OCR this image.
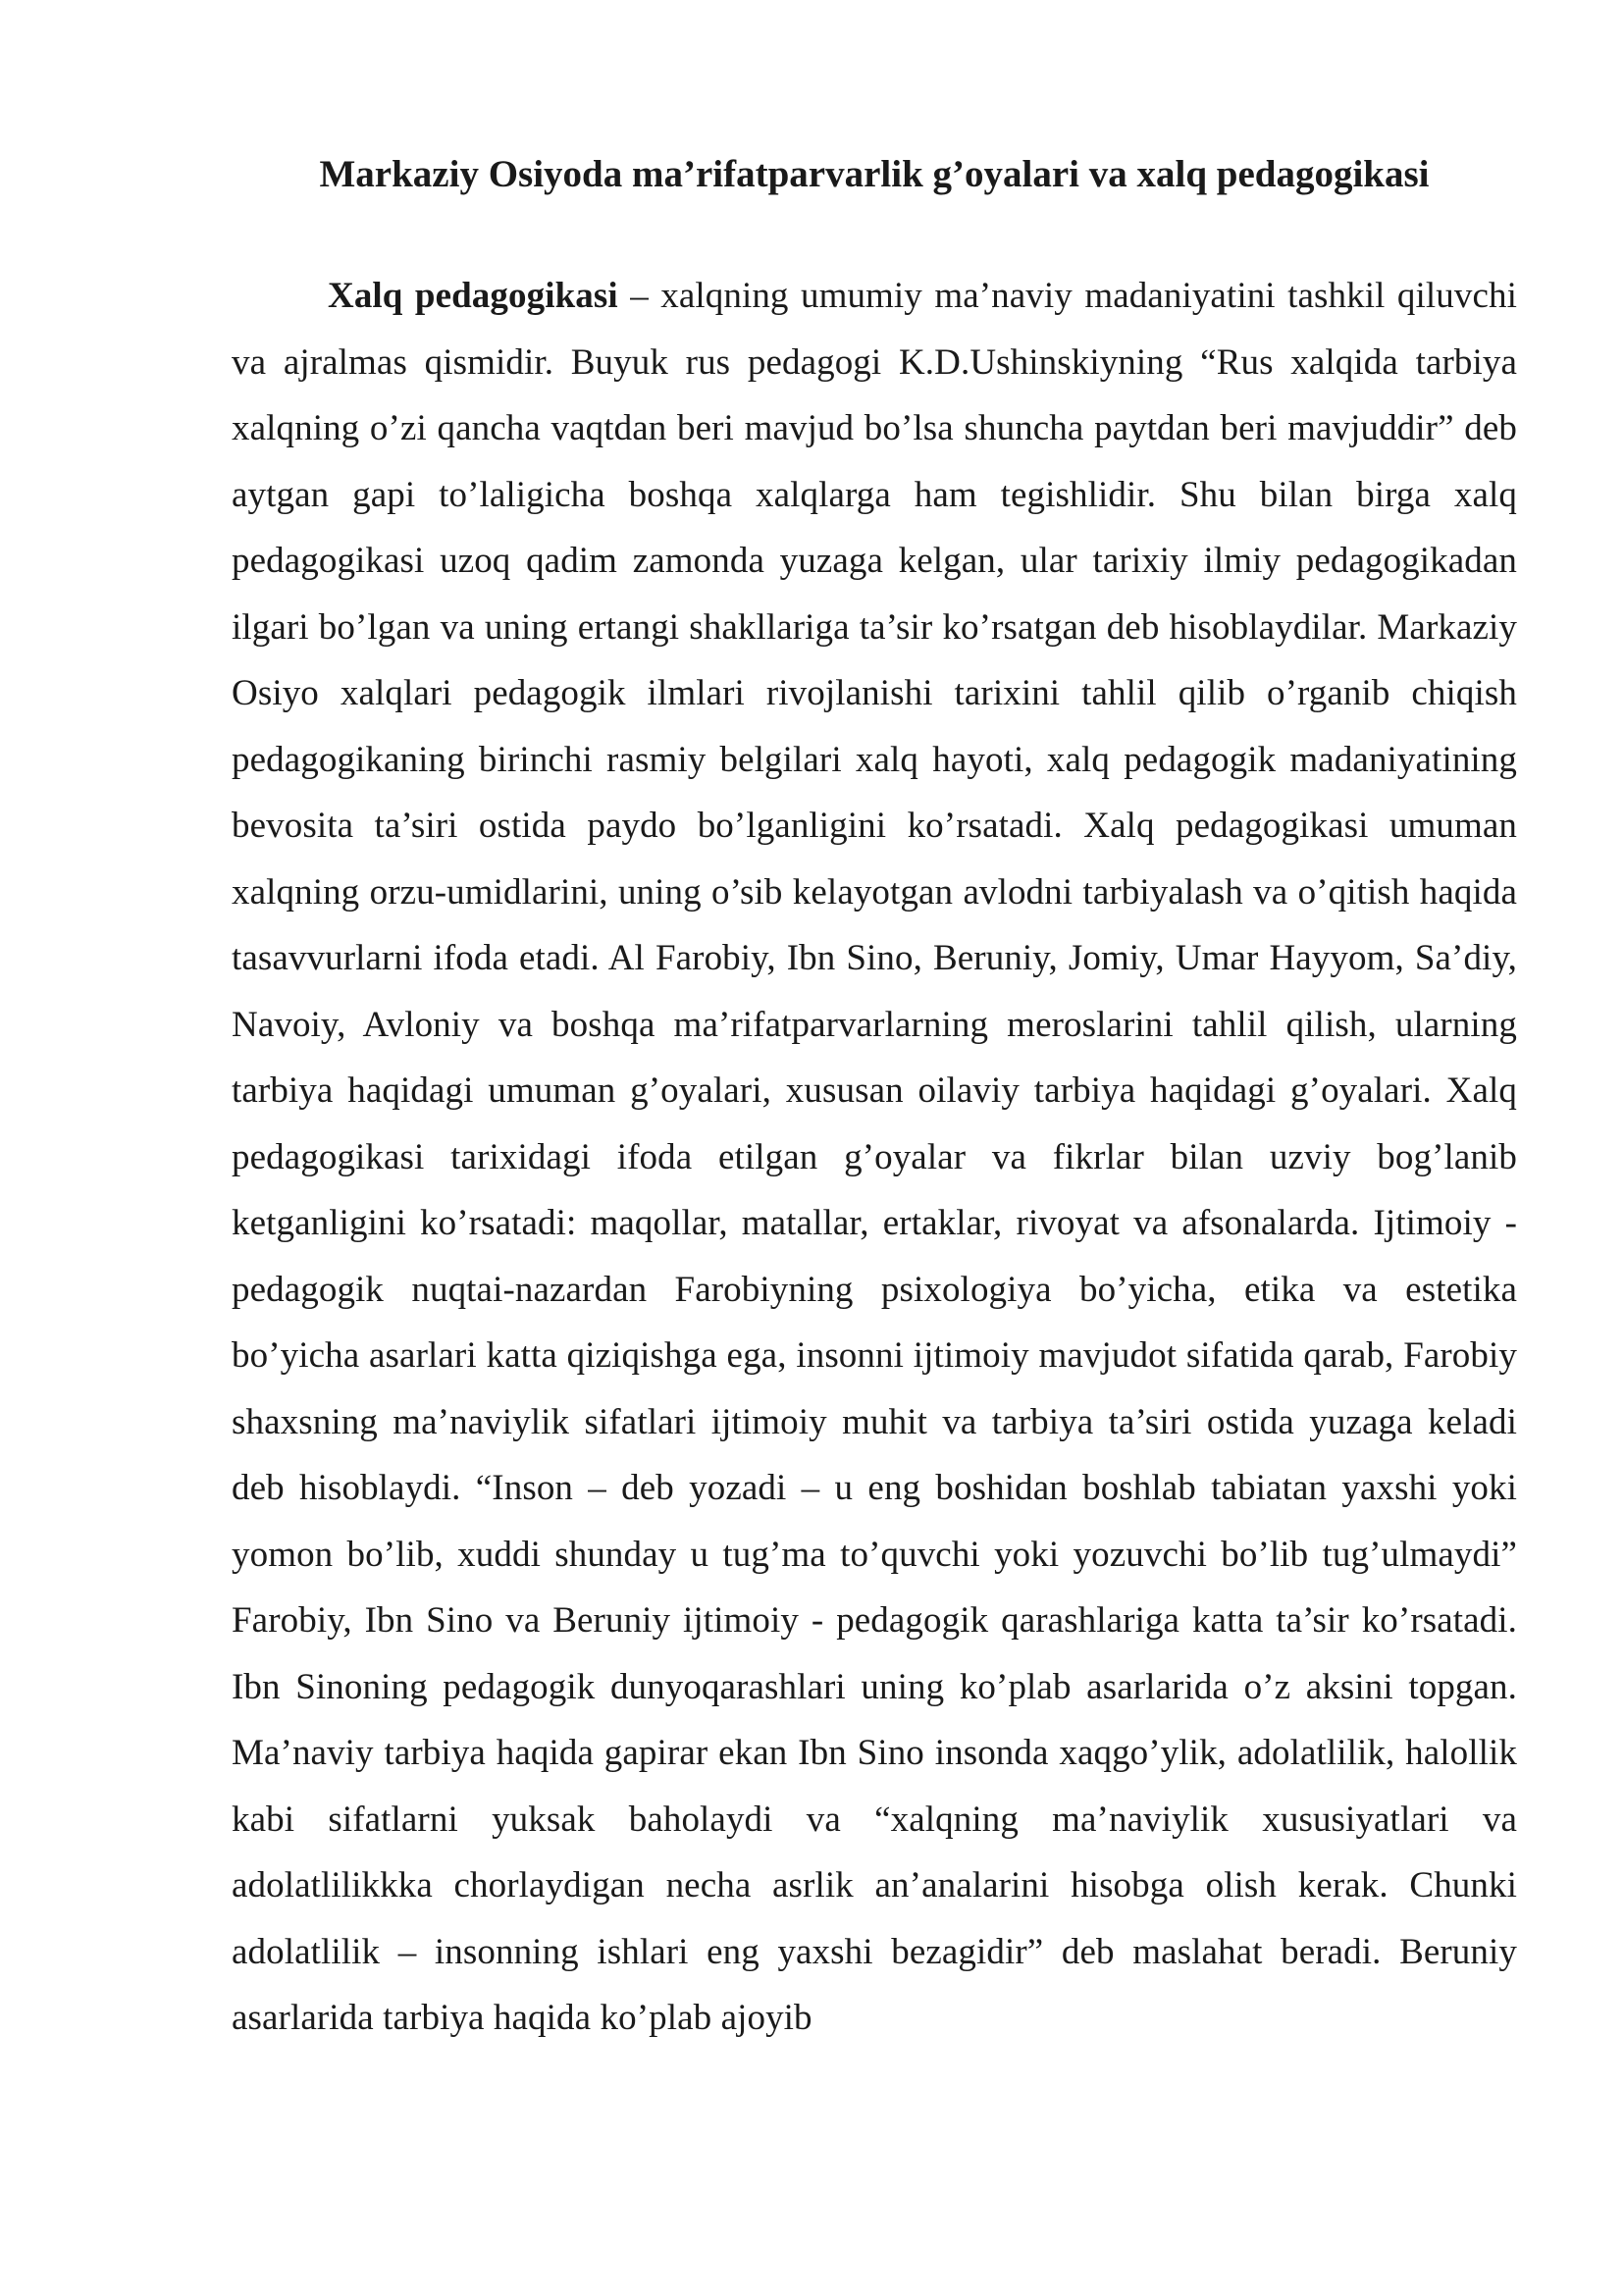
Markaziy Osiyoda ma’rifatparvarlik g’oyalari va xalq pedagogikasi

Xalq pedagogikasi – xalqning umumiy ma’naviy madaniyatini tashkil qiluvchi va ajralmas qismidir. Buyuk rus pedagogi K.D.Ushinskiyning “Rus xalqida tarbiya xalqning o’zi qancha vaqtdan beri mavjud bo’lsa shuncha paytdan beri mavjuddir” deb aytgan gapi to’laligicha boshqa xalqlarga ham tegishlidir. Shu bilan birga xalq pedagogikasi uzoq qadim zamonda yuzaga kelgan, ular tarixiy ilmiy pedagogikadan ilgari bo’lgan va uning ertangi shakllariga ta’sir ko’rsatgan deb hisoblaydilar. Markaziy Osiyo xalqlari pedagogik ilmlari rivojlanishi tarixini tahlil qilib o’rganib chiqish pedagogikaning birinchi rasmiy belgilari xalq hayoti, xalq pedagogik madaniyatining bevosita ta’siri ostida paydo bo’lganligini ko’rsatadi. Xalq pedagogikasi umuman xalqning orzu-umidlarini, uning o’sib kelayotgan avlodni tarbiyalash va o’qitish haqida tasavvurlarni ifoda etadi. Al Farobiy, Ibn Sino, Beruniy, Jomiy, Umar Hayyom, Sa’diy, Navoiy, Avloniy va boshqa ma’rifatparvarlarning meroslarini tahlil qilish, ularning tarbiya haqidagi umuman g’oyalari, xususan oilaviy tarbiya haqidagi g’oyalari. Xalq pedagogikasi tarixidagi ifoda etilgan g’oyalar va fikrlar bilan uzviy bog’lanib ketganligini ko’rsatadi: maqollar, matallar, ertaklar, rivoyat va afsonalarda. Ijtimoiy - pedagogik nuqtai-nazardan Farobiyning psixologiya bo’yicha, etika va estetika bo’yicha asarlari katta qiziqishga ega, insonni ijtimoiy mavjudot sifatida qarab, Farobiy shaxsning ma’naviylik sifatlari ijtimoiy muhit va tarbiya ta’siri ostida yuzaga keladi deb hisoblaydi. “Inson – deb yozadi – u eng boshidan boshlab tabiatan yaxshi yoki yomon bo’lib, xuddi shunday u tug’ma to’quvchi yoki yozuvchi bo’lib tug’ulmaydi” Farobiy, Ibn Sino va Beruniy ijtimoiy - pedagogik qarashlariga katta ta’sir ko’rsatadi. Ibn Sinoning pedagogik dunyoqarashlari uning ko’plab asarlarida o’z aksini topgan. Ma’naviy tarbiya haqida gapirar ekan Ibn Sino insonda xaqgo’ylik, adolatlilik, halollik kabi sifatlarni yuksak baholaydi va “xalqning ma’naviylik xususiyatlari va adolatlilikkka chorlaydigan necha asrlik an’analarini hisobga olish kerak. Chunki adolatlilik – insonning ishlari eng yaxshi bezagidir” deb maslahat beradi. Beruniy asarlarida tarbiya haqida ko’plab ajoyib
